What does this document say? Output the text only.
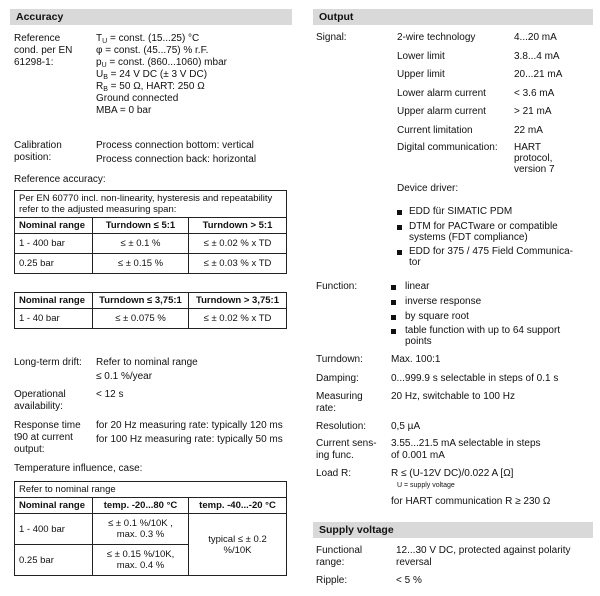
Accuracy
Reference
cond. per EN
61298-1:
$T_U$ = const. (15...25) °C
φ = const. (45...75) % r.F.
$p_U$ = const. (860...1060) mbar
$U_B = 24$ V DC (± 3 V DC)
$R_B = 50$ Ω, HART: 250 Ω
Ground connected
MBA = 0 bar
Calibration
position:
Process connection bottom: vertical
Process connection back: horizontal
Reference accuracy:
Per EN 60770 incl. non-linearity, hysteresis and repeatability refer to the adjusted measuring span:		
Nominal range	Turndown ≤ 5:1	Turndown > 5:1
1 - 400 bar	≤ ± 0.1 %	≤ ± 0.02 % x TD
0.25 bar	≤ ± 0.15 %	≤ ± 0.03 % x TD
Nominal range	Turndown ≤ 3,75:1	Turndown > 3,75:1
1 - 40 bar	≤ ± 0.075 %	≤ ± 0.02 % x TD
Long-term drift: Refer to nominal range
≤ 0.1 %/year
Operational
availability:
< 12 s
Response time
t90 at current
output:
for 20 Hz measuring rate: typically 120 ms
for 100 Hz measuring rate: typically 50 ms
Temperature influence, case:
Refer to nominal range		
Nominal range	temp. -20...80 °C	temp. -40...-20 °C
1 - 400 bar	≤ ± 0.1 %/10K , max. 0.3 %	typical ≤ ± 0.2 %/10K
0.25 bar	≤ ± 0.15 %/10K, max. 0.4 %	
Output
Signal:	2-wire technology	4...20 mA
Lower limit	3.8...4 mA
Upper limit	20...21 mA
Lower alarm current	< 3.6 mA
Upper alarm current	> 21 mA
Current limitation	22 mA
Digital communication: HART
protocol,
version 7
Device driver:
EDD für SIMATIC PDM
DTM for PACTware or compatible
systems (FDT compliance)
EDD for 375 / 475 Field Communica-
tor
Function:	linear
inverse response
by square root
table function with up to 64 support
points
Turndown:	Max. 100:1
Damping:	0...999.9 s selectable in steps of 0.1 s
Measuring
rate:
20 Hz, switchable to 100 Hz
Resolution: 0,5 µA
Current sens-
ing func.
3.55...21.5 mA selectable in steps
of 0.001 mA
Load R:	R ≤ (U-12V DC)/0.022 A [Ω]
U = supply voltage
for HART communication R ≥ 230 Ω
Supply voltage
Functional
range:
12...30 V DC, protected against polarity
reversal
Ripple:	< 5 %
